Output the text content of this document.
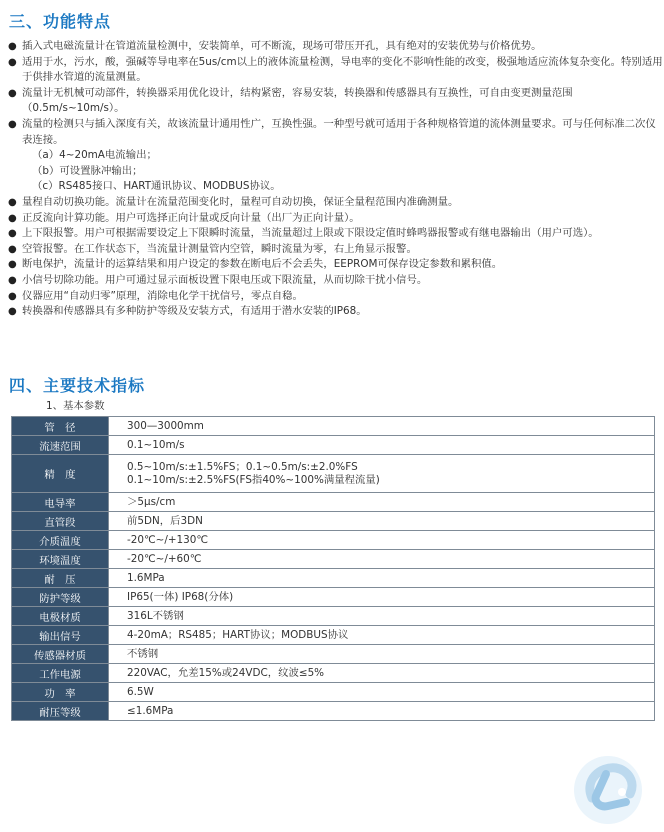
三、功能特点
● 插入式电磁流量计在管道流量检测中，安装简单，可不断流，现场可带压开孔，具有绝对的安装优势与价格优势。
● 适用于水，污水，酸，强碱等导电率在5us/cm以上的液体流量检测，导电率的变化不影响性能的改变，极强地适应流体复杂变化。特别适用于供排水管道的流量测量。
● 流量计无机械可动部件，转换器采用优化设计，结构紧密，容易安装，转换器和传感器具有互换性，可自由变更测量范围（0.5m/s~10m/s）。
● 流量的检测只与插入深度有关，故该流量计通用性广，互换性强。一种型号就可适用于各种规格管道的流体测量要求。可与任何标准二次仪表连接。
（a）4~20mA电流输出；
（b）可设置脉冲输出；
（c）RS485接口、HART通讯协议、MODBUS协议。
● 量程自动切换功能。流量计在流量范围变化时，量程可自动切换，保证全量程范围内准确测量。
● 正反流向计算功能。用户可选择正向计量或反向计量（出厂为正向计量）。
● 上下限报警。用户可根据需要设定上下限瞬时流量，当流量超过上限或下限设定值时蜂鸣器报警或有继电器输出（用户可选）。
● 空管报警。在工作状态下，当流量计测量管内空管，瞬时流量为零，右上角显示报警。
● 断电保护，流量计的运算结果和用户设定的参数在断电后不会丢失，EEPROM可保存设定参数和累积值。
● 小信号切除功能。用户可通过显示面板设置下限电压或下限流量，从而切除干扰小信号。
● 仪器应用“自动归零”原理，消除电化学干扰信号，零点自稳。
● 转换器和传感器具有多种防护等级及安装方式，有适用于潜水安装的IP68。
四、主要技术指标
1、基本参数
管　径	300—3000mm

流速范围	0.1~10m/s

精　度	0.5~10m/s:±1.5%FS；0.1~0.5m/s:±2.0%FS
0.1~10m/s:±2.5%FS(FS指40%~100%满量程流量)

电导率	＞5μs/cm

直管段	前5DN，后3DN

介质温度	-20℃~/+130℃

环境温度	-20℃~/+60℃

耐　压	1.6MPa

防护等级	IP65(一体) IP68(分体)

电极材质	316L不锈钢

输出信号	4-20mA；RS485；HART协议；MODBUS协议

传感器材质	不锈钢

工作电源	220VAC，允差15%或24VDC，纹波≤5%

功　率	6.5W

耐压等级	≤1.6MPa
